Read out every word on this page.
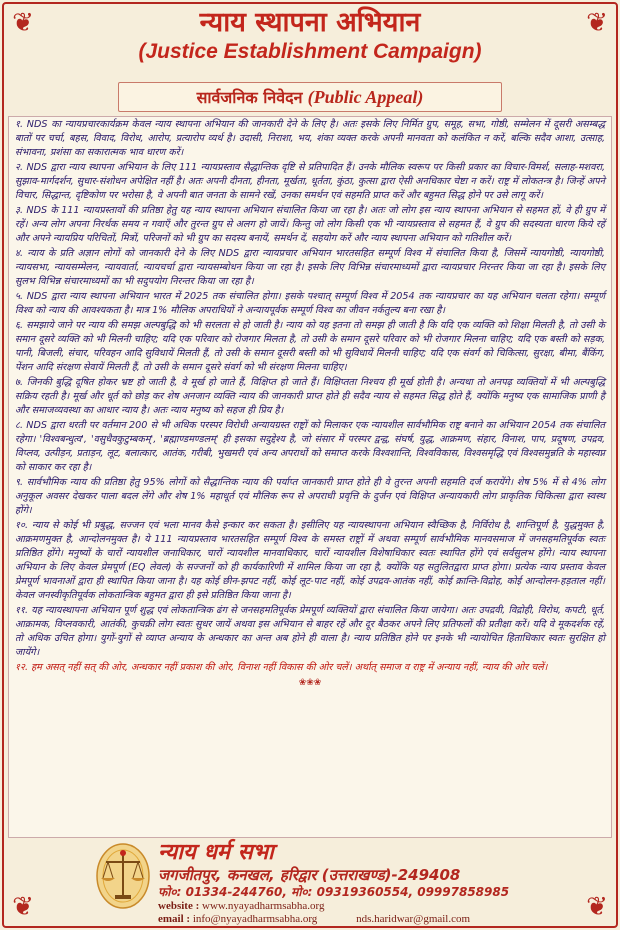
❦	❦
❦	❦
न्याय स्थापना अभियान
(Justice Establishment Campaign)
सार्वजनिक निवेदन (Public Appeal)

१. NDS का न्यायप्रचारकार्यक्रम केवल न्याय स्थापना अभियान की जानकारी देने के लिए है। अतः इसके लिए निर्मित ग्रुप, समूह, सभा, गोष्ठी, सम्मेलन में दूसरी असम्बद्ध बातों पर चर्चा, बहस, विवाद, विरोध, आरोप, प्रत्यारोप व्यर्थ है। उदासी, निराशा, भय, शंका व्यक्त करके अपनी मानवता को कलंकित न करें, बल्कि सदैव आशा, उत्साह, संभावना, प्रशंसा का सकारात्मक भाव धारण करें।

२. NDS द्वारा न्याय स्थापना अभियान के लिए 111 न्यायप्रस्ताव सैद्धान्तिक दृष्टि से प्रतिपादित हैं। उनके मौलिक स्वरूप पर किसी प्रकार का विचार-विमर्श, सलाह-मशवरा, सुझाव-मार्गदर्शन, सुधार-संशोधन अपेक्षित नहीं है। अतः अपनी दीनता, हीनता, मूर्खता, धूर्तता, कुंठा, कुत्सा द्वारा ऐसी अनधिकार चेष्टा न करें। राष्ट्र में लोकतन्त्र है। जिन्हें अपने विचार, सिद्धान्त, दृष्टिकोण पर भरोसा है, वे अपनी बात जनता के सामने रखें, उनका समर्थन एवं सहमति प्राप्त करें और बहुमत सिद्ध होने पर उसे लागू करें।

३. NDS के 111 न्यायप्रस्तावों की प्रतिष्ठा हेतु यह न्याय स्थापना अभियान संचालित किया जा रहा है। अतः जो लोग इस न्याय स्थापना अभियान से सहमत हों, वे ही ग्रुप में रहें। अन्य लोग अपना निरर्थक समय न गवाएँ और तुरन्त ग्रुप से अलग हो जायें। किन्तु जो लोग किसी एक भी न्यायप्रस्ताव से सहमत हैं, वे ग्रुप की सदस्यता धारण किये रहें और अपने न्यायप्रिय परिचितों, मित्रों, परिजनों को भी ग्रुप का सदस्य बनायें, समर्थन दें, सहयोग करें और न्याय स्थापना अभियान को गतिशील करें।

४. न्याय के प्रति अज्ञान लोगों को जानकारी देने के लिए NDS द्वारा न्यायप्रचार अभियान भारतसहित सम्पूर्ण विश्व में संचालित किया है, जिसमें न्यायगोष्ठी, न्यायगोष्ठी, न्यायसभा, न्यायसम्मेलन, न्यायवार्ता, न्यायचर्चा द्वारा न्यायसम्बोधन किया जा रहा है। इसके लिए विभिन्न संचारमाध्यमों द्वारा न्यायप्रचार निरन्तर किया जा रहा है। इसके लिए सुलभ विभिन्न संचारमाध्यमों का भी सदुपयोग निरन्तर किया जा रहा है।

५. NDS द्वारा न्याय स्थापना अभियान भारत में 2025 तक संचालित होगा। इसके पश्चात् सम्पूर्ण विश्व में 2054 तक न्यायप्रचार का यह अभियान चलता रहेगा। सम्पूर्ण विश्व को न्याय की आवश्यकता है। मात्र 1% मौलिक अपराधियों ने अन्यायपूर्वक सम्पूर्ण विश्व का जीवन नर्कतुल्य बना रखा है।

६. समझाये जाने पर न्याय की समझ अल्पबुद्धि को भी सरलता से हो जाती है। न्याय को यह इतना तो समझ ही जाती है कि यदि एक व्यक्ति को शिक्षा मिलती है, तो उसी के समान दूसरे व्यक्ति को भी मिलनी चाहिए; यदि एक परिवार को रोजगार मिलता है, तो उसी के समान दूसरे परिवार को भी रोजगार मिलना चाहिए; यदि एक बस्ती को सड़क, पानी, बिजली, संचार, परिवहन आदि सुविधायें मिलती हैं, तो उसी के समान दूसरी बस्ती को भी सुविधायें मिलनी चाहिए; यदि एक संवर्ग को चिकित्सा, सुरक्षा, बीमा, बैंकिंग, पेंशन आदि संरक्षण सेवायें मिलती हैं, तो उसी के समान दूसरे संवर्ग को भी संरक्षण मिलना चाहिए।

७. जिनकी बुद्धि दूषित होकर भ्रष्ट हो जाती है, वे मूर्ख हो जाते हैं, विक्षिप्त हो जाते हैं। विक्षिप्तता निश्चय ही मूर्ख होती है। अन्यथा तो अनपढ़ व्यक्तियों में भी अल्पबुद्धि सक्रिय रहती है। मूर्ख और धूर्त को छोड़ कर शेष अनजान व्यक्ति न्याय की जानकारी प्राप्त होते ही सदैव न्याय से सहमत सिद्ध होते हैं, क्योंकि मनुष्य एक सामाजिक प्राणी है और समाजव्यवस्था का आधार न्याय है। अतः न्याय मनुष्य को सहज ही प्रिय है।

८. NDS द्वारा धरती पर वर्तमान 200 से भी अधिक परस्पर विरोधी अन्यायग्रस्त राष्ट्रों को मिलाकर एक न्यायशील सार्वभौमिक राष्ट्र बनाने का अभियान 2054 तक संचालित रहेगा। 'विश्वबन्धुत्व', 'वसुधैवकुटुम्बकम्', 'ब्रह्माण्डमण्डलम्' ही इसका सदुद्देश्य है, जो संसार में परस्पर द्वन्द्व, संघर्ष, युद्ध, आक्रमण, संहार, विनाश, पाप, प्रदूषण, उपद्रव, विप्लव, उत्पीड़न, प्रताड़न, लूट, बलात्कार, आतंक, गरीबी, भुखमरी एवं अन्य अपराधों को समाप्त करके विश्वशान्ति, विश्वविकास, विश्वसमृद्धि एवं विश्वसमुन्नति के महास्वप्न को साकार कर रहा है।

९. सार्वभौमिक न्याय की प्रतिष्ठा हेतु 95% लोगों को सैद्धान्तिक न्याय की पर्याप्त जानकारी प्राप्त होते ही वे तुरन्त अपनी सहमति दर्ज करायेंगे। शेष 5% में से 4% लोग अनुकूल अवसर देखकर पाला बदल लेंगे और शेष 1% महाधूर्त एवं मौलिक रूप से अपराधी प्रवृत्ति के दुर्जन एवं विक्षिप्त अन्यायकारी लोग प्राकृतिक चिकित्सा द्वारा स्वस्थ होंगे।

१०. न्याय से कोई भी प्रबुद्ध, सज्जन एवं भला मानव कैसे इन्कार कर सकता है। इसीलिए यह न्यायस्थापना अभियान स्वैच्छिक है, निर्विरोध है, शान्तिपूर्ण है, युद्धमुक्त है, आक्रमणमुक्त है, आन्दोलनमुक्त है। ये 111 न्यायप्रस्ताव भारतसहित सम्पूर्ण विश्व के समस्त राष्ट्रों में अथवा सम्पूर्ण सार्वभौमिक मानवसमाज में जनसहमतिपूर्वक स्वतः प्रतिष्ठित होंगे। मनुष्यों के चारों न्यायशील जनाधिकार, चारों न्यायशील मानवाधिकार, चारों न्यायशील विशेषाधिकार स्वतः स्थापित होंगे एवं सर्वसुलभ होंगे। न्याय स्थापना अभियान के लिए केवल प्रेमपूर्ण (EQ लेवल) के सज्जनों को ही कार्यकारिणी में शामिल किया जा रहा है, क्योंकि यह सतुलितद्वारा प्राप्त होगा। प्रत्येक न्याय प्रस्ताव केवल प्रेमपूर्ण भावनाओं द्वारा ही स्थापित किया जाना है। यह कोई छीन-झपट नहीं, कोई लूट-पाट नहीं, कोई उपद्रव-आतंक नहीं, कोई क्रान्ति-विद्रोह, कोई आन्दोलन-हड़ताल नहीं। केवल जनस्वीकृतिपूर्वक लोकतान्त्रिक बहुमत द्वारा ही इसे प्रतिष्ठित किया जाना है।

११. यह न्यायस्थापना अभियान पूर्ण शुद्ध एवं लोकतान्त्रिक ढंग से जनसहमतिपूर्वक प्रेमपूर्ण व्यक्तियों द्वारा संचालित किया जायेगा। अतः उपद्रवी, विद्रोही, विरोध, कपटी, धूर्त, आक्रामक, विप्लवकारी, आतंकी, कुचक्री लोग स्वतः सुधर जायें अथवा इस अभियान से बाहर रहें और दूर बैठकर अपने लिए प्रतिफलों की प्रतीक्षा करें। यदि वे मूकदर्शक रहें, तो अधिक उचित होगा। युगों-युगों से व्याप्त अन्याय के अन्धकार का अन्त अब होने ही वाला है। न्याय प्रतिष्ठित होने पर इनके भी न्यायोचित हिताधिकार स्वतः सुरक्षित हो जायेंगे।

१२. हम असत् नहीं सत् की ओर, अन्धकार नहीं प्रकाश की ओर, विनाश नहीं विकास की ओर चलें। अर्थात् समाज व राष्ट्र में अन्याय नहीं, न्याय की ओर चलें।

❀❀❀
न्याय धर्म सभा
जगजीतपुर, कनखल, हरिद्वार (उत्तराखण्ड)-249408
फो०: 01334-244760, मो०: 09319360554, 09997858985
website : www.nyayadharmsabha.org
email : info@nyayadharmsabha.org	nds.haridwar@gmail.com
